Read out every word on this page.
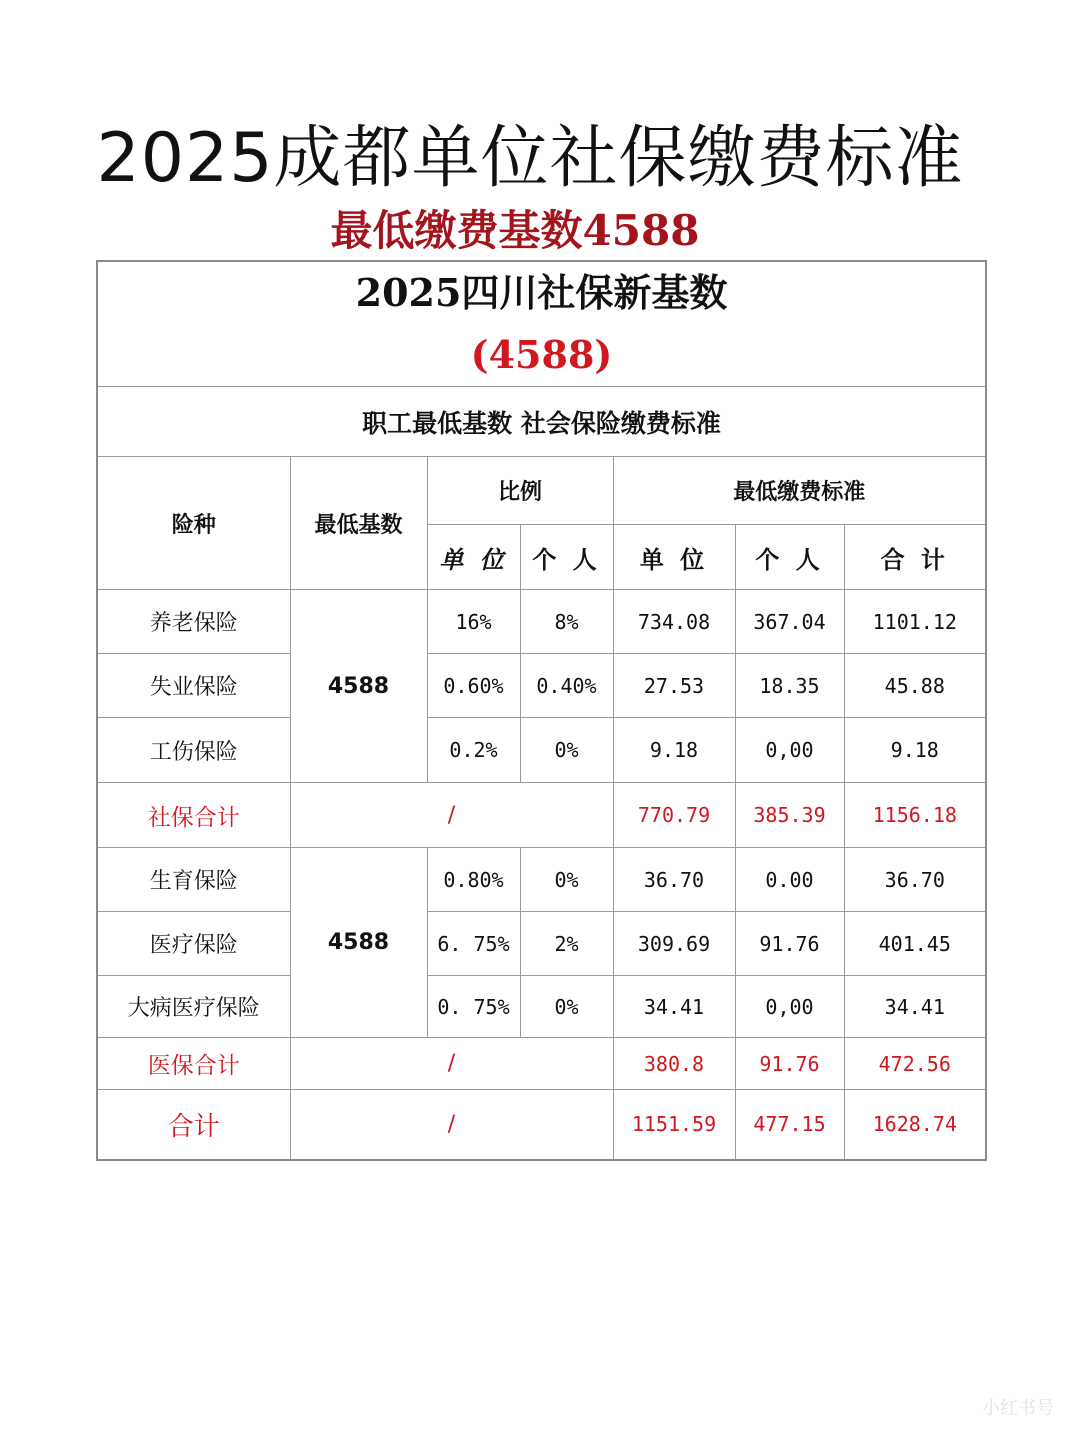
2025成都单位社保缴费标准
最低缴费基数4588
2025四川社保新基数
(4588)						

职工最低基数 社会保险缴费标准						
险种	最低基数	比例		最低缴费标准		
		单 位	个 人	单 位	个 人	合 计
养老保险	4588	16%	8%	734.08	367.04	1101.12
失业保险		0.60%	0.40%	27.53	18.35	45.88
工伤保险		0.2%	0%	9.18	0,00	9.18
社保合计	/			770.79	385.39	1156.18
生育保险	4588	0.80%	0%	36.70	0.00	36.70
医疗保险		6. 75%	2%	309.69	91.76	401.45
大病医疗保险		0. 75%	0%	34.41	0,00	34.41
医保合计	/			380.8	91.76	472.56
合计	/			1151.59	477.15	1628.74
小红书号
